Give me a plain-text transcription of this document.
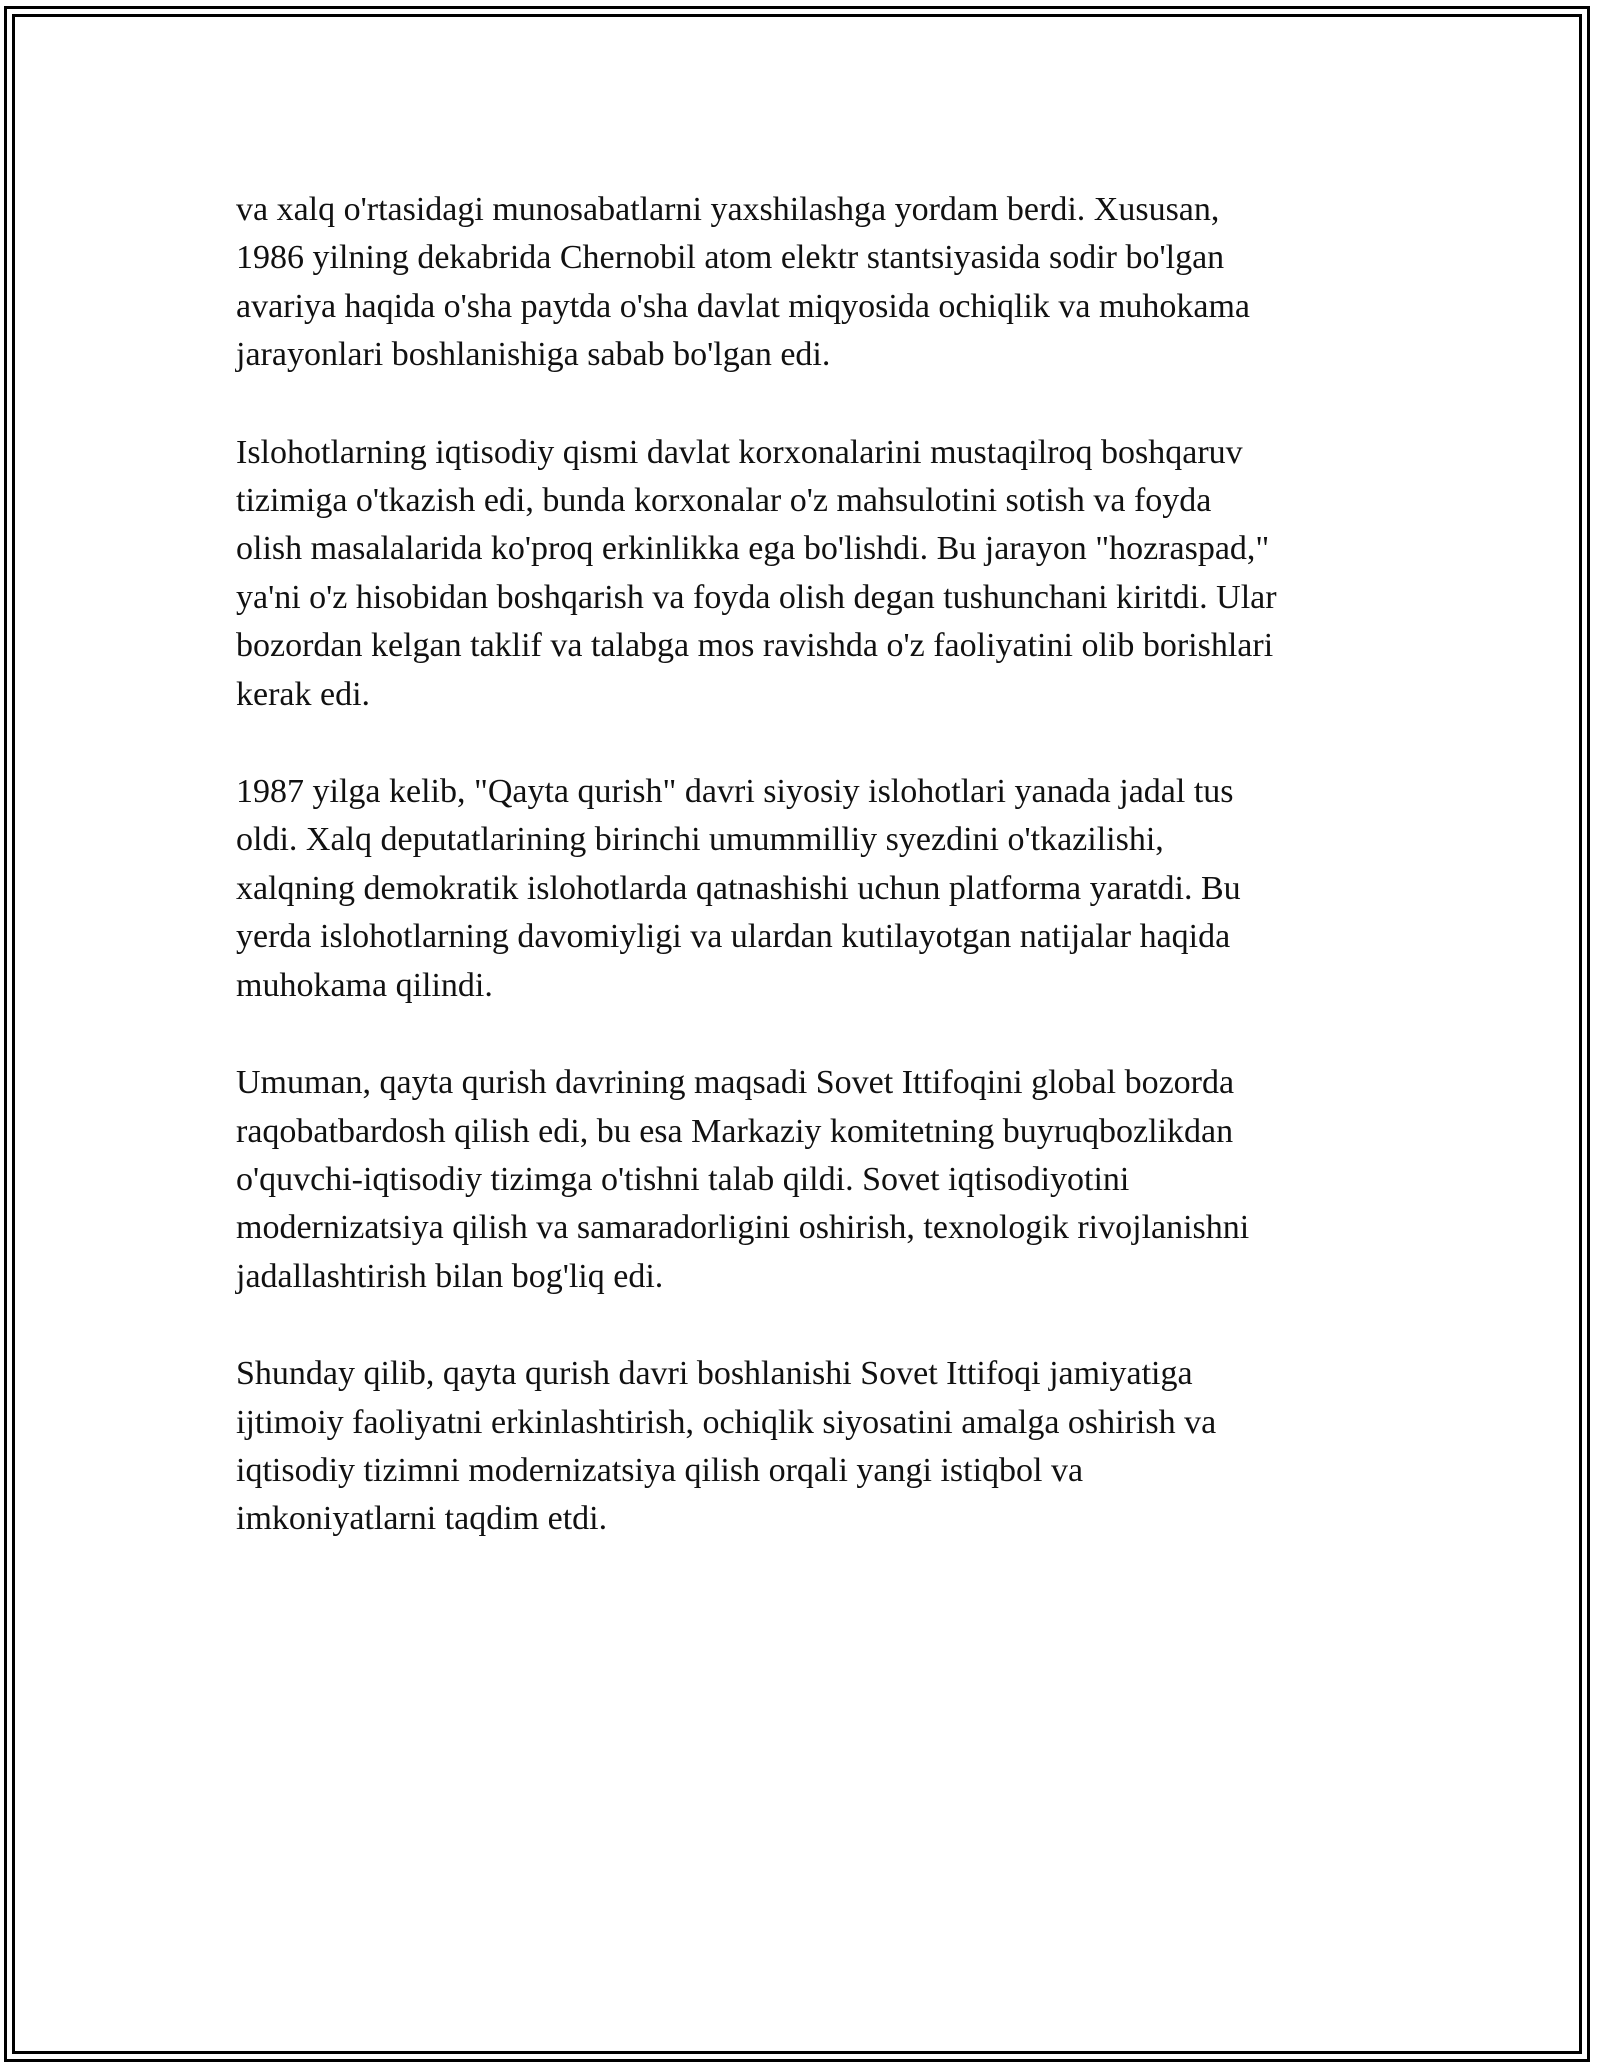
va xalq o'rtasidagi munosabatlarni yaxshilashga yordam berdi. Xususan,
1986 yilning dekabrida Chernobil atom elektr stantsiyasida sodir bo'lgan
avariya haqida o'sha paytda o'sha davlat miqyosida ochiqlik va muhokama
jarayonlari boshlanishiga sabab bo'lgan edi.

Islohotlarning iqtisodiy qismi davlat korxonalarini mustaqilroq boshqaruv
tizimiga o'tkazish edi, bunda korxonalar o'z mahsulotini sotish va foyda
olish masalalarida ko'proq erkinlikka ega bo'lishdi. Bu jarayon "hozraspad,"
ya'ni o'z hisobidan boshqarish va foyda olish degan tushunchani kiritdi. Ular
bozordan kelgan taklif va talabga mos ravishda o'z faoliyatini olib borishlari
kerak edi.

1987 yilga kelib, "Qayta qurish" davri siyosiy islohotlari yanada jadal tus
oldi. Xalq deputatlarining birinchi umummilliy syezdini o'tkazilishi,
xalqning demokratik islohotlarda qatnashishi uchun platforma yaratdi. Bu
yerda islohotlarning davomiyligi va ulardan kutilayotgan natijalar haqida
muhokama qilindi.

Umuman, qayta qurish davrining maqsadi Sovet Ittifoqini global bozorda
raqobatbardosh qilish edi, bu esa Markaziy komitetning buyruqbozlikdan
o'quvchi-iqtisodiy tizimga o'tishni talab qildi. Sovet iqtisodiyotini
modernizatsiya qilish va samaradorligini oshirish, texnologik rivojlanishni
jadallashtirish bilan bog'liq edi.

Shunday qilib, qayta qurish davri boshlanishi Sovet Ittifoqi jamiyatiga
ijtimoiy faoliyatni erkinlashtirish, ochiqlik siyosatini amalga oshirish va
iqtisodiy tizimni modernizatsiya qilish orqali yangi istiqbol va
imkoniyatlarni taqdim etdi.
